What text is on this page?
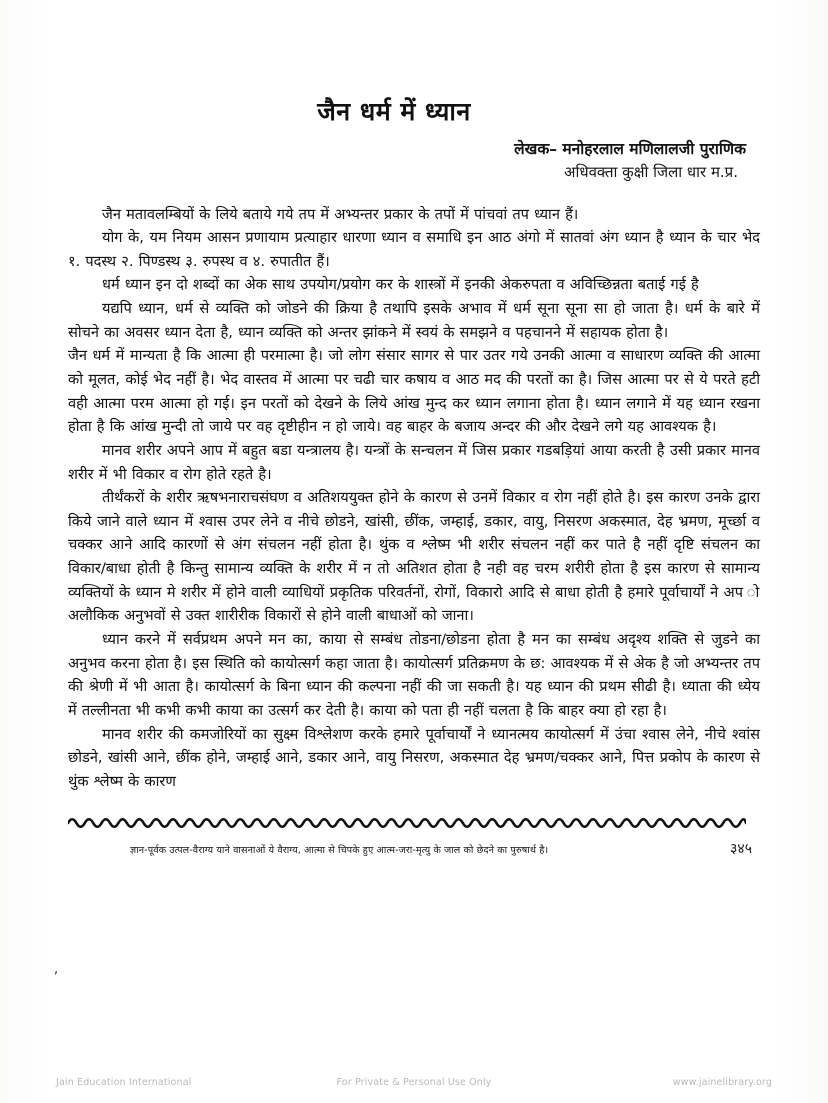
जैन धर्म में ध्यान

लेखक– मनोहरलाल मणिलालजी पुराणिक

अधिवक्ता कुक्षी जिला धार म.प्र.

जैन मतावलम्बियों के लिये बताये गये तप में अभ्यन्तर प्रकार के तपों में पांचवां तप ध्यान हैं।

योग के, यम नियम आसन प्रणायाम प्रत्याहार धारणा ध्यान व समाधि इन आठ अंगो में सातवां अंग ध्यान है ध्यान के चार भेद १. पदस्थ २. पिण्डस्थ ३. रुपस्थ व ४. रुपातीत हैं।

धर्म ध्यान इन दो शब्दों का अेक साथ उपयोग/प्रयोग कर के शास्त्रों में इनकी अेकरुपता व अविच्छिन्नता बताई गई है

यद्यपि ध्यान, धर्म से व्यक्ति को जोडने की क्रिया है तथापि इसके अभाव में धर्म सूना सूना सा हो जाता है। धर्म के बारे में सोचने का अवसर ध्यान देता है, ध्यान व्यक्ति को अन्तर झांकने में स्वयं के समझने व पहचानने में सहायक होता है।

जैन धर्म में मान्यता है कि आत्मा ही परमात्मा है। जो लोग संसार सागर से पार उतर गये उनकी आत्मा व साधारण व्यक्ति की आत्मा को मूलत, कोई भेद नहीं है। भेद वास्तव में आत्मा पर चढी चार कषाय व आठ मद की परतों का है। जिस आत्मा पर से ये परते हटी वही आत्मा परम आत्मा हो गई। इन परतों को देखने के लिये आंख मुन्द कर ध्यान लगाना होता है। ध्यान लगाने में यह ध्यान रखना होता है कि आंख मुन्दी तो जाये पर वह दृष्टीहीन न हो जाये। वह बाहर के बजाय अन्दर की और देखने लगे यह आवश्यक है।

मानव शरीर अपने आप में बहुत बडा यन्त्रालय है। यन्त्रों के सन्चलन में जिस प्रकार गडबड़ियां आया करती है उसी प्रकार मानव शरीर में भी विकार व रोग होते रहते है।

तीर्थंकरों के शरीर ऋषभनाराचसंघण व अतिशययुक्त होने के कारण से उनमें विकार व रोग नहीं होते है। इस कारण उनके द्वारा किये जाने वाले ध्यान में श्वास उपर लेने व नीचे छोडने, खांसी, छींक, जम्हाई, डकार, वायु, निसरण अकस्मात, देह भ्रमण, मूर्च्छा व चक्कर आने आदि कारणों से अंग संचलन नहीं होता है। थुंक व श्लेष्म भी शरीर संचलन नहीं कर पाते है नहीं दृष्टि संचलन का विकार/बाधा होती है किन्तु सामान्य व्यक्ति के शरीर में न तो अतिशत होता है नही वह चरम शरीरी होता है इस कारण से सामान्य व्यक्तियों के ध्यान मे शरीर में होने वाली व्याधियों प्रकृतिक परिवर्तनों, रोगों, विकारो आदि से बाधा होती है हमारे पूर्वाचार्यों ने अप ो अलौकिक अनुभवों से उक्त शारीरीक विकारों से होने वाली बाधाओं को जाना।

ध्यान करने में सर्वप्रथम अपने मन का, काया से सम्बंध तोडना/छोडना होता है मन का सम्बंध अदृश्य शक्ति से जुडने का अनुभव करना होता है। इस स्थिति को कायोत्सर्ग कहा जाता है। कायोत्सर्ग प्रतिक्रमण के छ: आवश्यक में से अेक है जो अभ्यन्तर तप की श्रेणी में भी आता है। कायोत्सर्ग के बिना ध्यान की कल्पना नहीं की जा सकती है। यह ध्यान की प्रथम सीढी है। ध्याता की ध्येय में तल्लीनता भी कभी कभी काया का उत्सर्ग कर देती है। काया को पता ही नहीं चलता है कि बाहर क्या हो रहा है।

मानव शरीर की कमजोरियों का सुक्ष्म विश्लेशण करके हमारे पूर्वाचार्यों ने ध्यानत्मय कायोत्सर्ग में उंचा श्वास लेने, नीचे श्वांस छोडने, खांसी आने, छींक होने, जम्हाई आने, डकार आने, वायु निसरण, अकस्मात देह भ्रमण/चक्कर आने, पित्त प्रकोप के कारण से थुंक श्लेष्म के कारण

ज्ञान-पूर्वक उत्पल-वैराग्य याने वासनाओं ये वैराग्य, आत्मा से चिपके हुए आत्म-जरा-मृत्यु के जाल को छेदने का पुरुषार्थ है।	३४५
,
Jain Education International	For Private & Personal Use Only	www.jainelibrary.org
